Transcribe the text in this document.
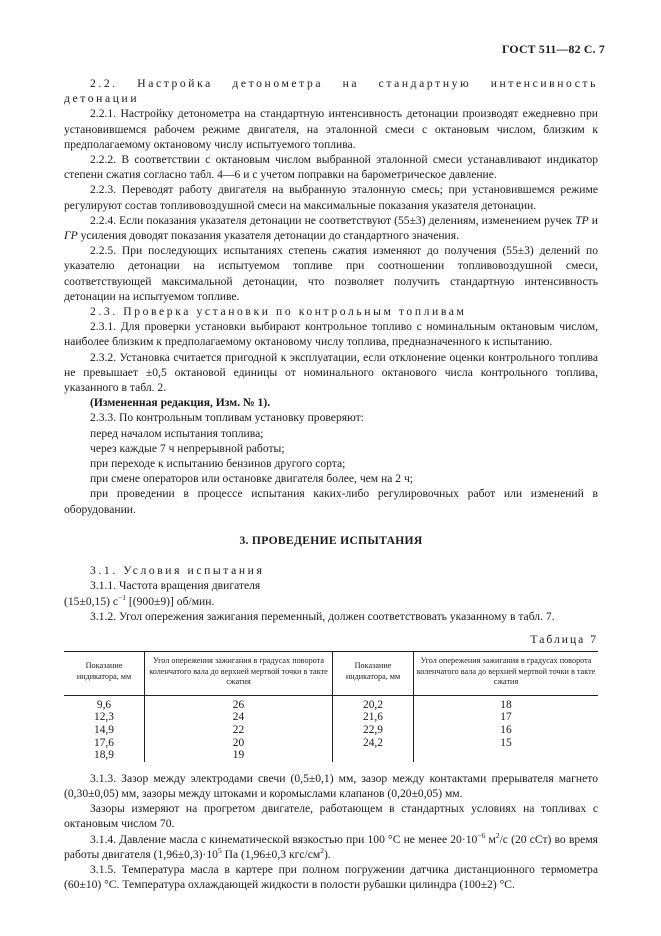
ГОСТ 511—82 С. 7

2.2. Настройка детонометра на стандартную интенсивность детонации

2.2.1. Настройку детонометра на стандартную интенсивность детонации производят ежедневно при установившемся рабочем режиме двигателя, на эталонной смеси с октановым числом, близким к предполагаемому октановому числу испытуемого топлива.

2.2.2. В соответствии с октановым числом выбранной эталонной смеси устанавливают индикатор степени сжатия согласно табл. 4—6 и с учетом поправки на барометрическое давление.

2.2.3. Переводят работу двигателя на выбранную эталонную смесь; при установившемся режиме регулируют состав топливовоздушной смеси на максимальные показания указателя детонации.

2.2.4. Если показания указателя детонации не соответствуют (55±3) делениям, изменением ручек ТР и ГР усиления доводят показания указателя детонации до стандартного значения.

2.2.5. При последующих испытаниях степень сжатия изменяют до получения (55±3) делений по указателю детонации на испытуемом топливе при соотношении топливовоздушной смеси, соответствующей максимальной детонации, что позволяет получить стандартную интенсивность детонации на испытуемом топливе.

2.3. Проверка установки по контрольным топливам

2.3.1. Для проверки установки выбирают контрольное топливо с номинальным октановым числом, наиболее близким к предполагаемому октановому числу топлива, предназначенного к испытанию.

2.3.2. Установка считается пригодной к эксплуатации, если отклонение оценки контрольного топлива не превышает ±0,5 октановой единицы от номинального октанового числа контрольного топлива, указанного в табл. 2.

(Измененная редакция, Изм. № 1).

2.3.3. По контрольным топливам установку проверяют:

перед началом испытания топлива;

через каждые 7 ч непрерывной работы;

при переходе к испытанию бензинов другого сорта;

при смене операторов или остановке двигателя более, чем на 2 ч;

при проведении в процессе испытания каких-либо регулировочных работ или изменений в оборудовании.

3. ПРОВЕДЕНИЕ ИСПЫТАНИЯ

3.1. Условия испытания

3.1.1. Частота вращения двигателя

(15±0,15) $с^{-1}$ [(900±9)] об/мин.

3.1.2. Угол опережения зажигания переменный, должен соответствовать указанному в табл. 7.

Таблица 7
Показание индикатора, мм	Угол опережения зажигания в градусах поворота коленчатого вала до верхней мертвой точки в такте сжатия	Показание индикатора, мм	Угол опережения зажигания в градусах поворота коленчатого вала до верхней мертвой точки в такте сжатия
9,6	26	20,2	18
12,3	24	21,6	17
14,9	22	22,9	16
17,6	20	24,2	15
18,9	19		

3.1.3. Зазор между электродами свечи (0,5±0,1) мм, зазор между контактами прерывателя магнето (0,30±0,05) мм, зазоры между штоками и коромыслами клапанов (0,20±0,05) мм.

Зазоры измеряют на прогретом двигателе, работающем в стандартных условиях на топливах с октановым числом 70.

3.1.4. Давление масла с кинематической вязкостью при 100 °С не менее $20\cdot 10^{-6}$ $м^2/с$ (20 сСт) во время работы двигателя $(1,96\pm 0,3)\cdot 10^5$ Па (1,96±0,3 кгс/$см^2$).

3.1.5. Температура масла в картере при полном погружении датчика дистанционного термометра (60±10) °С. Температура охлаждающей жидкости в полости рубашки цилиндра (100±2) °С.
